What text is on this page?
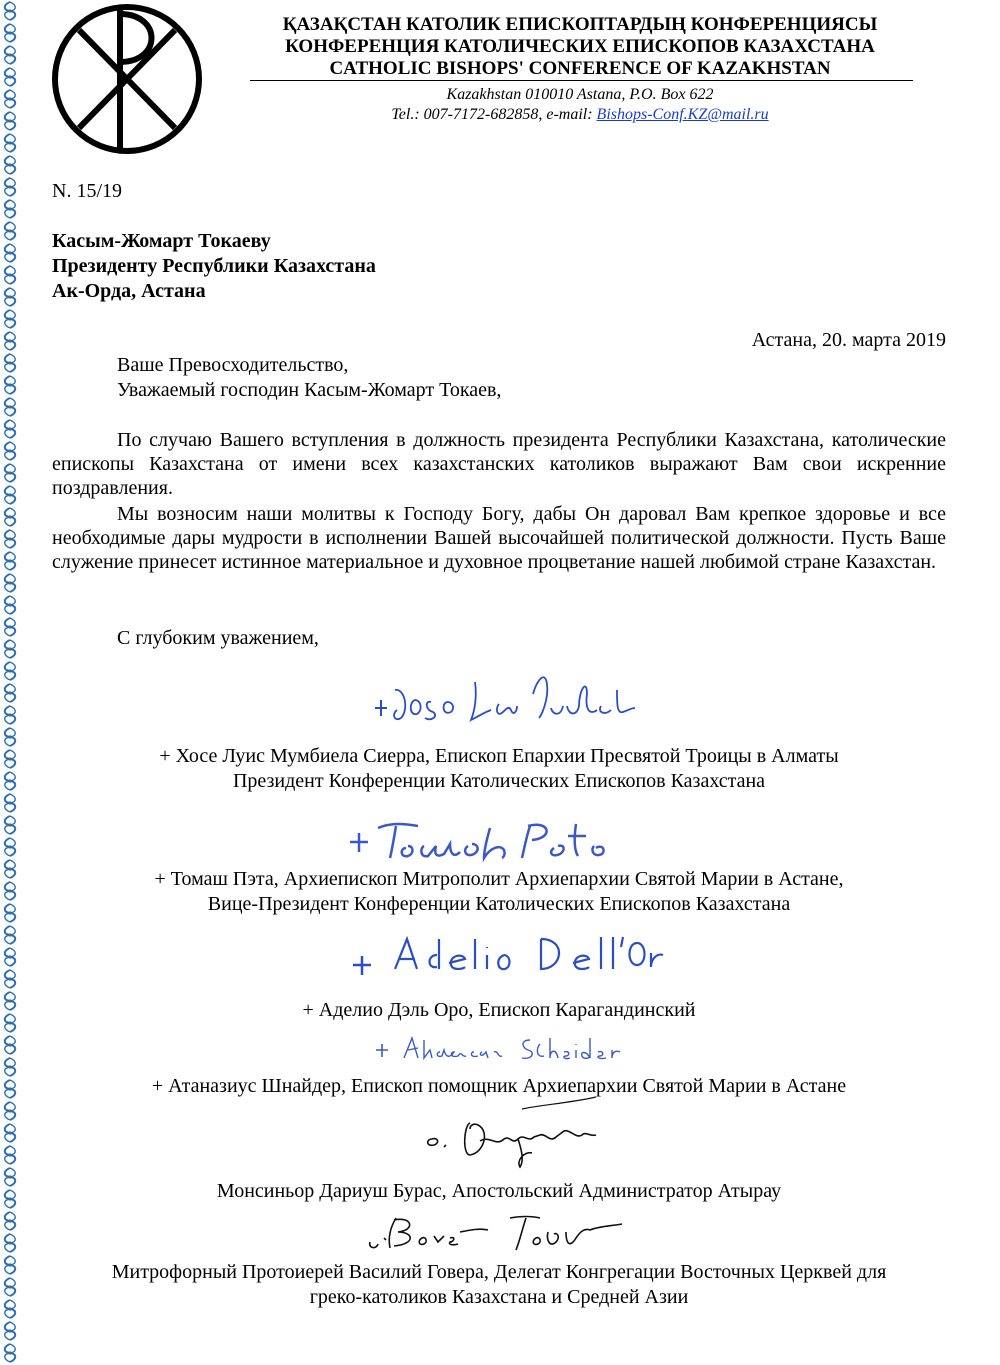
ҚАЗАҚСТАН КАТОЛИК ЕПИСКОПТАРДЫҢ КОНФЕРЕНЦИЯСЫ
КОНФЕРЕНЦИЯ КАТОЛИЧЕСКИХ ЕПИСКОПОВ КАЗАХСТАНА
CATHOLIC BISHOPS' CONFERENCE OF KAZAKHSTAN
Kazakhstan 010010 Astana, P.O. Box 622
Tel.: 007-7172-682858, e-mail: Bishops-Conf.KZ@mail.ru
N. 15/19
Касым-Жомарт Токаеву
Президенту Республики Казахстана
Ак-Орда, Астана
Астана, 20. марта 2019
Ваше Превосходительство,
Уважаемый господин Касым-Жомарт Токаев,
По случаю Вашего вступления в должность президента Республики Казахстана, католические епископы Казахстана от имени всех казахстанских католиков выражают Вам свои искренние поздравления.
Мы возносим наши молитвы к Господу Богу, дабы Он даровал Вам крепкое здоровье и все необходимые дары мудрости в исполнении Вашей высочайшей политической должности. Пусть Ваше служение принесет истинное материальное и духовное процветание нашей любимой стране Казахстан.
С глубоким уважением,
+ Хосе Луис Мумбиела Сиерра, Епископ Епархии Пресвятой Троицы в Алматы
Президент Конференции Католических Епископов Казахстана
+ Томаш Пэта, Архиепископ Митрополит Архиепархии Святой Марии в Астане,
Вице-Президент Конференции Католических Епископов Казахстана
+ Аделио Дэль Оро, Епископ Карагандинский
+ Атаназиус Шнайдер, Епископ помощник Архиепархии Святой Марии в Астане
Монсиньор Дариуш Бурас, Апостольский Администратор Атырау
Митрофорный Протоиерей Василий Говера, Делегат Конгрегации Восточных Церквей для
греко-католиков Казахстана и Средней Азии
